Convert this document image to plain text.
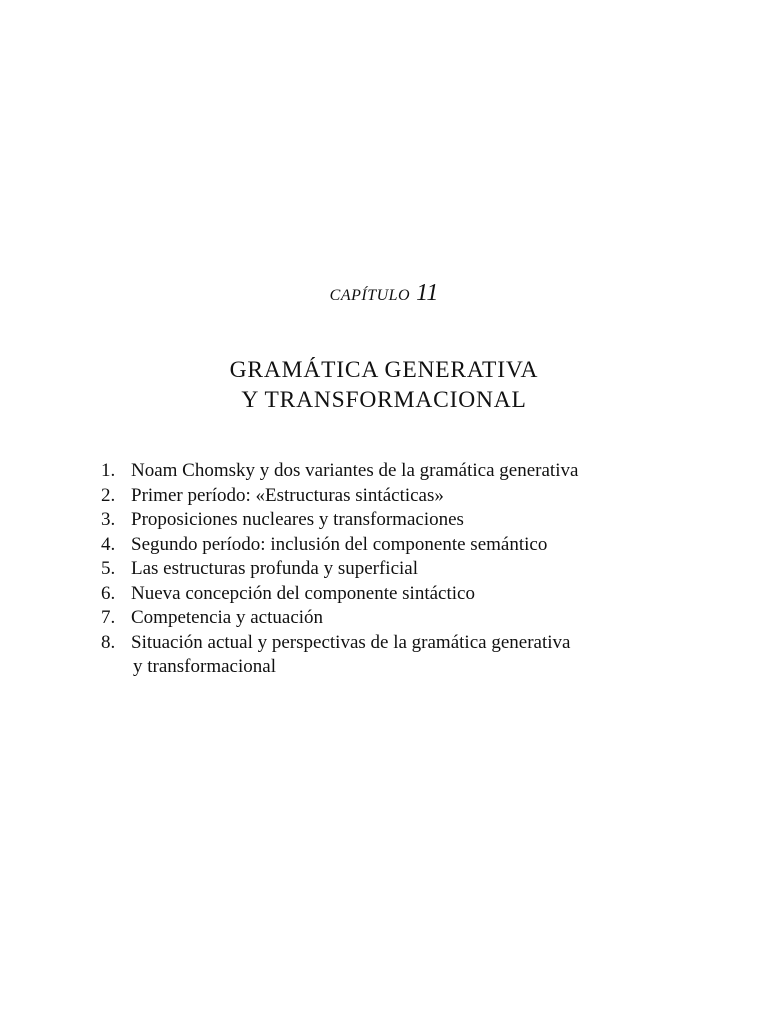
CAPÍTULO 11
GRAMÁTICA GENERATIVA
Y TRANSFORMACIONAL
1. Noam Chomsky y dos variantes de la gramática generativa
2. Primer período: «Estructuras sintácticas»
3. Proposiciones nucleares y transformaciones
4. Segundo período: inclusión del componente semántico
5. Las estructuras profunda y superficial
6. Nueva concepción del componente sintáctico
7. Competencia y actuación
8. Situación actual y perspectivas de la gramática generativa
y transformacional
